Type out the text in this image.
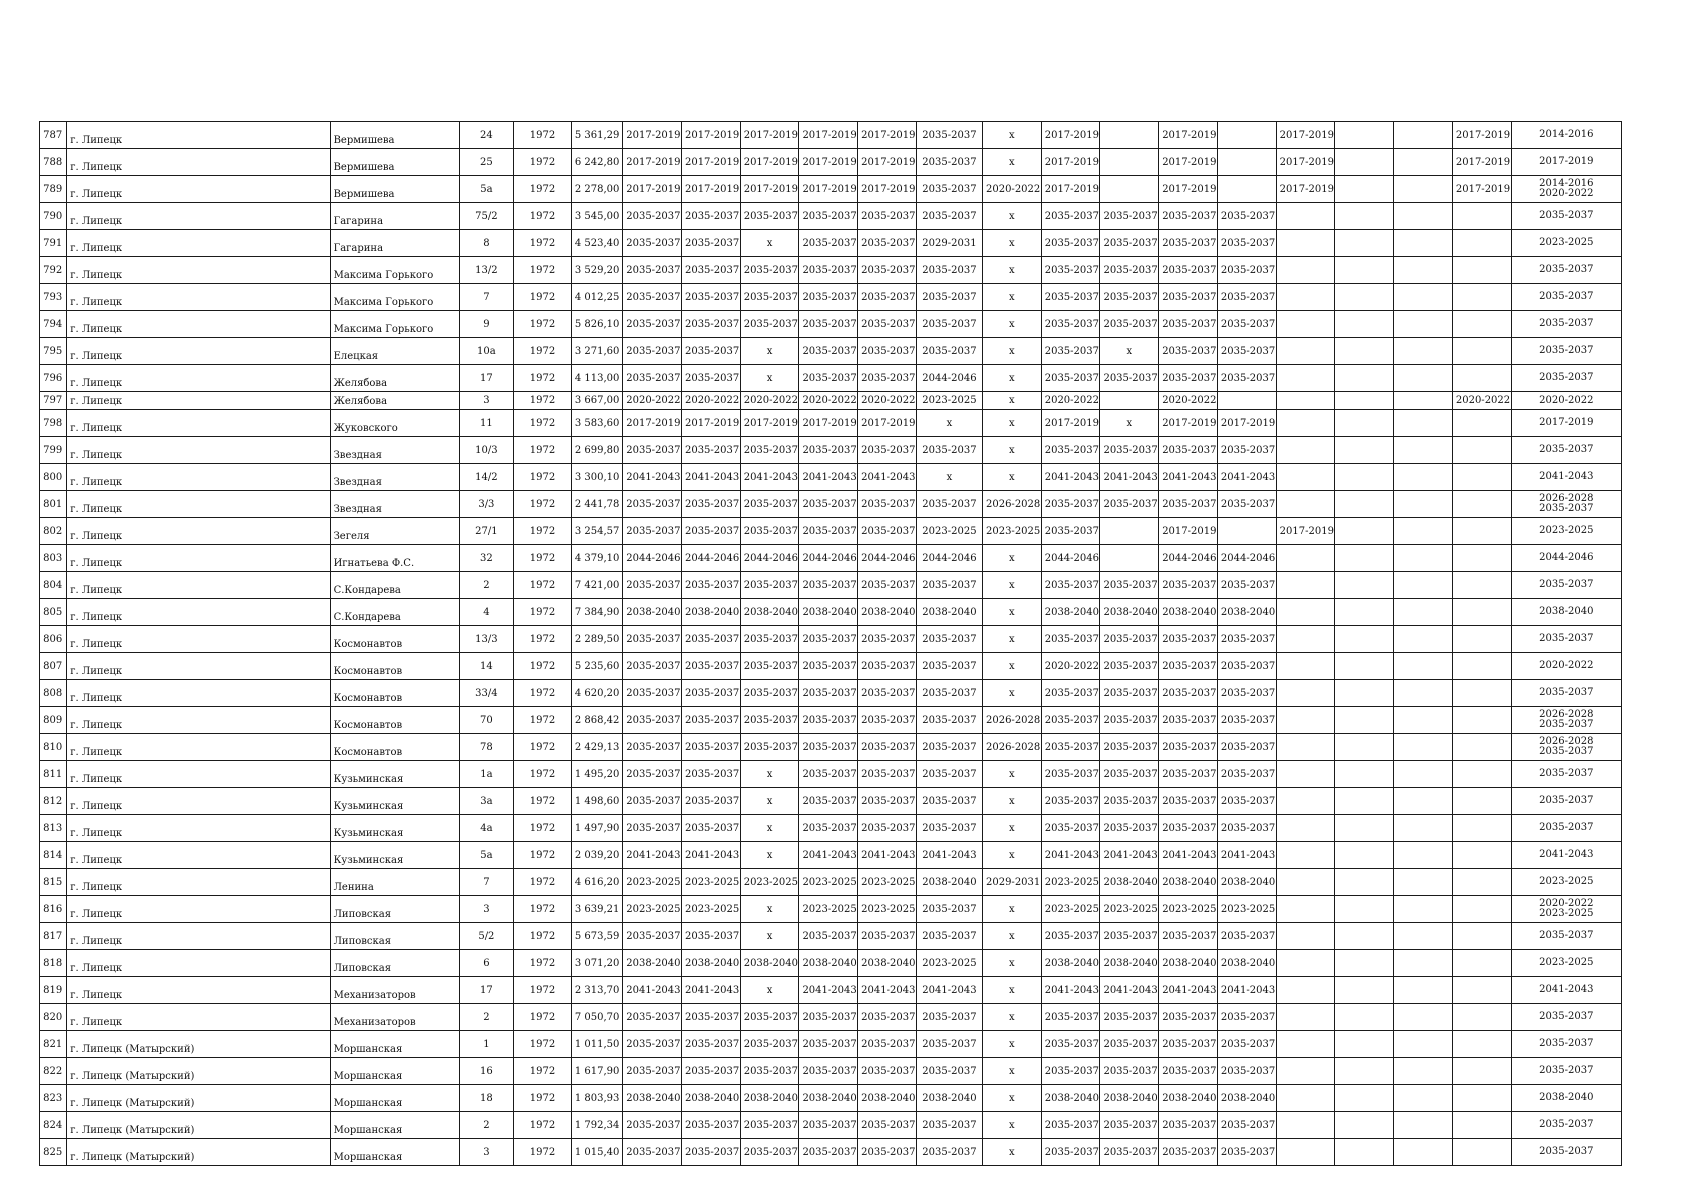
787	г. Липецк	Вермишева	24	1972	5 361,29	2017-2019	2017-2019	2017-2019	2017-2019	2017-2019	2035-2037	x	2017-2019		2017-2019		2017-2019			2017-2019	2014-2016

788	г. Липецк	Вермишева	25	1972	6 242,80	2017-2019	2017-2019	2017-2019	2017-2019	2017-2019	2035-2037	x	2017-2019		2017-2019		2017-2019			2017-2019	2017-2019

789	г. Липецк	Вермишева	5а	1972	2 278,00	2017-2019	2017-2019	2017-2019	2017-2019	2017-2019	2035-2037	2020-2022	2017-2019		2017-2019		2017-2019			2017-2019	2014-2016
2020-2022

790	г. Липецк	Гагарина	75/2	1972	3 545,00	2035-2037	2035-2037	2035-2037	2035-2037	2035-2037	2035-2037	x	2035-2037	2035-2037	2035-2037	2035-2037					2035-2037

791	г. Липецк	Гагарина	8	1972	4 523,40	2035-2037	2035-2037	x	2035-2037	2035-2037	2029-2031	x	2035-2037	2035-2037	2035-2037	2035-2037					2023-2025

792	г. Липецк	Максима Горького	13/2	1972	3 529,20	2035-2037	2035-2037	2035-2037	2035-2037	2035-2037	2035-2037	x	2035-2037	2035-2037	2035-2037	2035-2037					2035-2037

793	г. Липецк	Максима Горького	7	1972	4 012,25	2035-2037	2035-2037	2035-2037	2035-2037	2035-2037	2035-2037	x	2035-2037	2035-2037	2035-2037	2035-2037					2035-2037

794	г. Липецк	Максима Горького	9	1972	5 826,10	2035-2037	2035-2037	2035-2037	2035-2037	2035-2037	2035-2037	x	2035-2037	2035-2037	2035-2037	2035-2037					2035-2037

795	г. Липецк	Елецкая	10а	1972	3 271,60	2035-2037	2035-2037	x	2035-2037	2035-2037	2035-2037	x	2035-2037	x	2035-2037	2035-2037					2035-2037

796	г. Липецк	Желябова	17	1972	4 113,00	2035-2037	2035-2037	x	2035-2037	2035-2037	2044-2046	x	2035-2037	2035-2037	2035-2037	2035-2037					2035-2037

797	г. Липецк	Желябова	3	1972	3 667,00	2020-2022	2020-2022	2020-2022	2020-2022	2020-2022	2023-2025	x	2020-2022		2020-2022					2020-2022	2020-2022

798	г. Липецк	Жуковского	11	1972	3 583,60	2017-2019	2017-2019	2017-2019	2017-2019	2017-2019	x	x	2017-2019	x	2017-2019	2017-2019					2017-2019

799	г. Липецк	Звездная	10/3	1972	2 699,80	2035-2037	2035-2037	2035-2037	2035-2037	2035-2037	2035-2037	x	2035-2037	2035-2037	2035-2037	2035-2037					2035-2037

800	г. Липецк	Звездная	14/2	1972	3 300,10	2041-2043	2041-2043	2041-2043	2041-2043	2041-2043	x	x	2041-2043	2041-2043	2041-2043	2041-2043					2041-2043

801	г. Липецк	Звездная	3/3	1972	2 441,78	2035-2037	2035-2037	2035-2037	2035-2037	2035-2037	2035-2037	2026-2028	2035-2037	2035-2037	2035-2037	2035-2037					2026-2028
2035-2037

802	г. Липецк	Зегеля	27/1	1972	3 254,57	2035-2037	2035-2037	2035-2037	2035-2037	2035-2037	2023-2025	2023-2025	2035-2037		2017-2019		2017-2019				2023-2025

803	г. Липецк	Игнатьева Ф.С.	32	1972	4 379,10	2044-2046	2044-2046	2044-2046	2044-2046	2044-2046	2044-2046	x	2044-2046		2044-2046	2044-2046					2044-2046

804	г. Липецк	С.Кондарева	2	1972	7 421,00	2035-2037	2035-2037	2035-2037	2035-2037	2035-2037	2035-2037	x	2035-2037	2035-2037	2035-2037	2035-2037					2035-2037

805	г. Липецк	С.Кондарева	4	1972	7 384,90	2038-2040	2038-2040	2038-2040	2038-2040	2038-2040	2038-2040	x	2038-2040	2038-2040	2038-2040	2038-2040					2038-2040

806	г. Липецк	Космонавтов	13/3	1972	2 289,50	2035-2037	2035-2037	2035-2037	2035-2037	2035-2037	2035-2037	x	2035-2037	2035-2037	2035-2037	2035-2037					2035-2037

807	г. Липецк	Космонавтов	14	1972	5 235,60	2035-2037	2035-2037	2035-2037	2035-2037	2035-2037	2035-2037	x	2020-2022	2035-2037	2035-2037	2035-2037					2020-2022

808	г. Липецк	Космонавтов	33/4	1972	4 620,20	2035-2037	2035-2037	2035-2037	2035-2037	2035-2037	2035-2037	x	2035-2037	2035-2037	2035-2037	2035-2037					2035-2037

809	г. Липецк	Космонавтов	70	1972	2 868,42	2035-2037	2035-2037	2035-2037	2035-2037	2035-2037	2035-2037	2026-2028	2035-2037	2035-2037	2035-2037	2035-2037					2026-2028
2035-2037

810	г. Липецк	Космонавтов	78	1972	2 429,13	2035-2037	2035-2037	2035-2037	2035-2037	2035-2037	2035-2037	2026-2028	2035-2037	2035-2037	2035-2037	2035-2037					2026-2028
2035-2037

811	г. Липецк	Кузьминская	1а	1972	1 495,20	2035-2037	2035-2037	x	2035-2037	2035-2037	2035-2037	x	2035-2037	2035-2037	2035-2037	2035-2037					2035-2037

812	г. Липецк	Кузьминская	3а	1972	1 498,60	2035-2037	2035-2037	x	2035-2037	2035-2037	2035-2037	x	2035-2037	2035-2037	2035-2037	2035-2037					2035-2037

813	г. Липецк	Кузьминская	4а	1972	1 497,90	2035-2037	2035-2037	x	2035-2037	2035-2037	2035-2037	x	2035-2037	2035-2037	2035-2037	2035-2037					2035-2037

814	г. Липецк	Кузьминская	5а	1972	2 039,20	2041-2043	2041-2043	x	2041-2043	2041-2043	2041-2043	x	2041-2043	2041-2043	2041-2043	2041-2043					2041-2043

815	г. Липецк	Ленина	7	1972	4 616,20	2023-2025	2023-2025	2023-2025	2023-2025	2023-2025	2038-2040	2029-2031	2023-2025	2038-2040	2038-2040	2038-2040					2023-2025

816	г. Липецк	Липовская	3	1972	3 639,21	2023-2025	2023-2025	x	2023-2025	2023-2025	2035-2037	x	2023-2025	2023-2025	2023-2025	2023-2025					2020-2022
2023-2025

817	г. Липецк	Липовская	5/2	1972	5 673,59	2035-2037	2035-2037	x	2035-2037	2035-2037	2035-2037	x	2035-2037	2035-2037	2035-2037	2035-2037					2035-2037

818	г. Липецк	Липовская	6	1972	3 071,20	2038-2040	2038-2040	2038-2040	2038-2040	2038-2040	2023-2025	x	2038-2040	2038-2040	2038-2040	2038-2040					2023-2025

819	г. Липецк	Механизаторов	17	1972	2 313,70	2041-2043	2041-2043	x	2041-2043	2041-2043	2041-2043	x	2041-2043	2041-2043	2041-2043	2041-2043					2041-2043

820	г. Липецк	Механизаторов	2	1972	7 050,70	2035-2037	2035-2037	2035-2037	2035-2037	2035-2037	2035-2037	x	2035-2037	2035-2037	2035-2037	2035-2037					2035-2037

821	г. Липецк (Матырский)	Моршанская	1	1972	1 011,50	2035-2037	2035-2037	2035-2037	2035-2037	2035-2037	2035-2037	x	2035-2037	2035-2037	2035-2037	2035-2037					2035-2037

822	г. Липецк (Матырский)	Моршанская	16	1972	1 617,90	2035-2037	2035-2037	2035-2037	2035-2037	2035-2037	2035-2037	x	2035-2037	2035-2037	2035-2037	2035-2037					2035-2037

823	г. Липецк (Матырский)	Моршанская	18	1972	1 803,93	2038-2040	2038-2040	2038-2040	2038-2040	2038-2040	2038-2040	x	2038-2040	2038-2040	2038-2040	2038-2040					2038-2040

824	г. Липецк (Матырский)	Моршанская	2	1972	1 792,34	2035-2037	2035-2037	2035-2037	2035-2037	2035-2037	2035-2037	x	2035-2037	2035-2037	2035-2037	2035-2037					2035-2037

825	г. Липецк (Матырский)	Моршанская	3	1972	1 015,40	2035-2037	2035-2037	2035-2037	2035-2037	2035-2037	2035-2037	x	2035-2037	2035-2037	2035-2037	2035-2037					2035-2037
